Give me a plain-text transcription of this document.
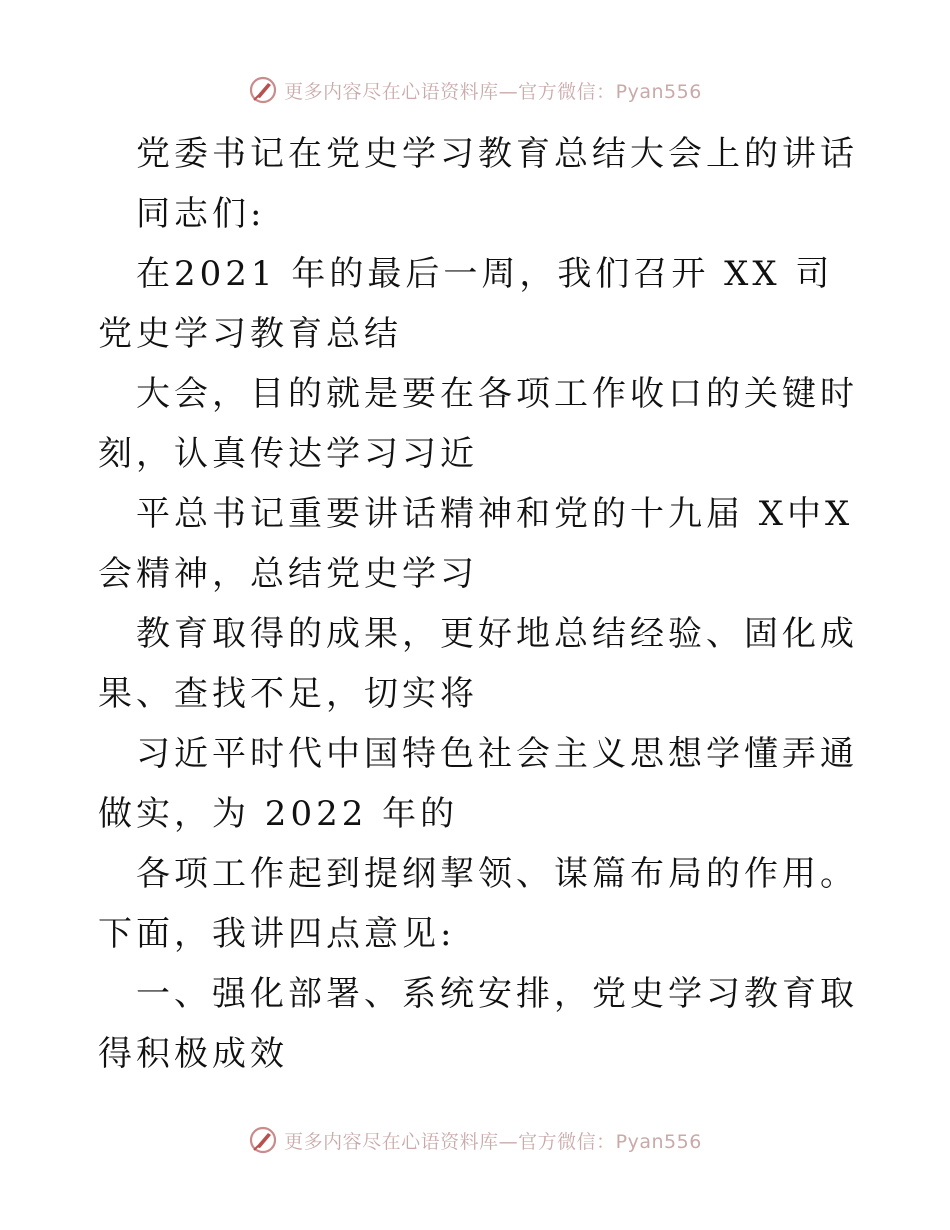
更多内容尽在心语资料库—官方微信：Pyan556

党委书记在党史学习教育总结大会上的讲话

同志们:

在2021 年的最后一周，我们召开 XX 司党史学习教育总结

大会，目的就是要在各项工作收口的关键时刻，认真传达学习习近

平总书记重要讲话精神和党的十九届 X中X会精神，总结党史学习

教育取得的成果，更好地总结经验、固化成果、查找不足，切实将

习近平时代中国特色社会主义思想学懂弄通做实，为 2022 年的

各项工作起到提纲挈领、谋篇布局的作用。下面，我讲四点意见:

一、强化部署、系统安排，党史学习教育取得积极成效

更多内容尽在心语资料库—官方微信：Pyan556
